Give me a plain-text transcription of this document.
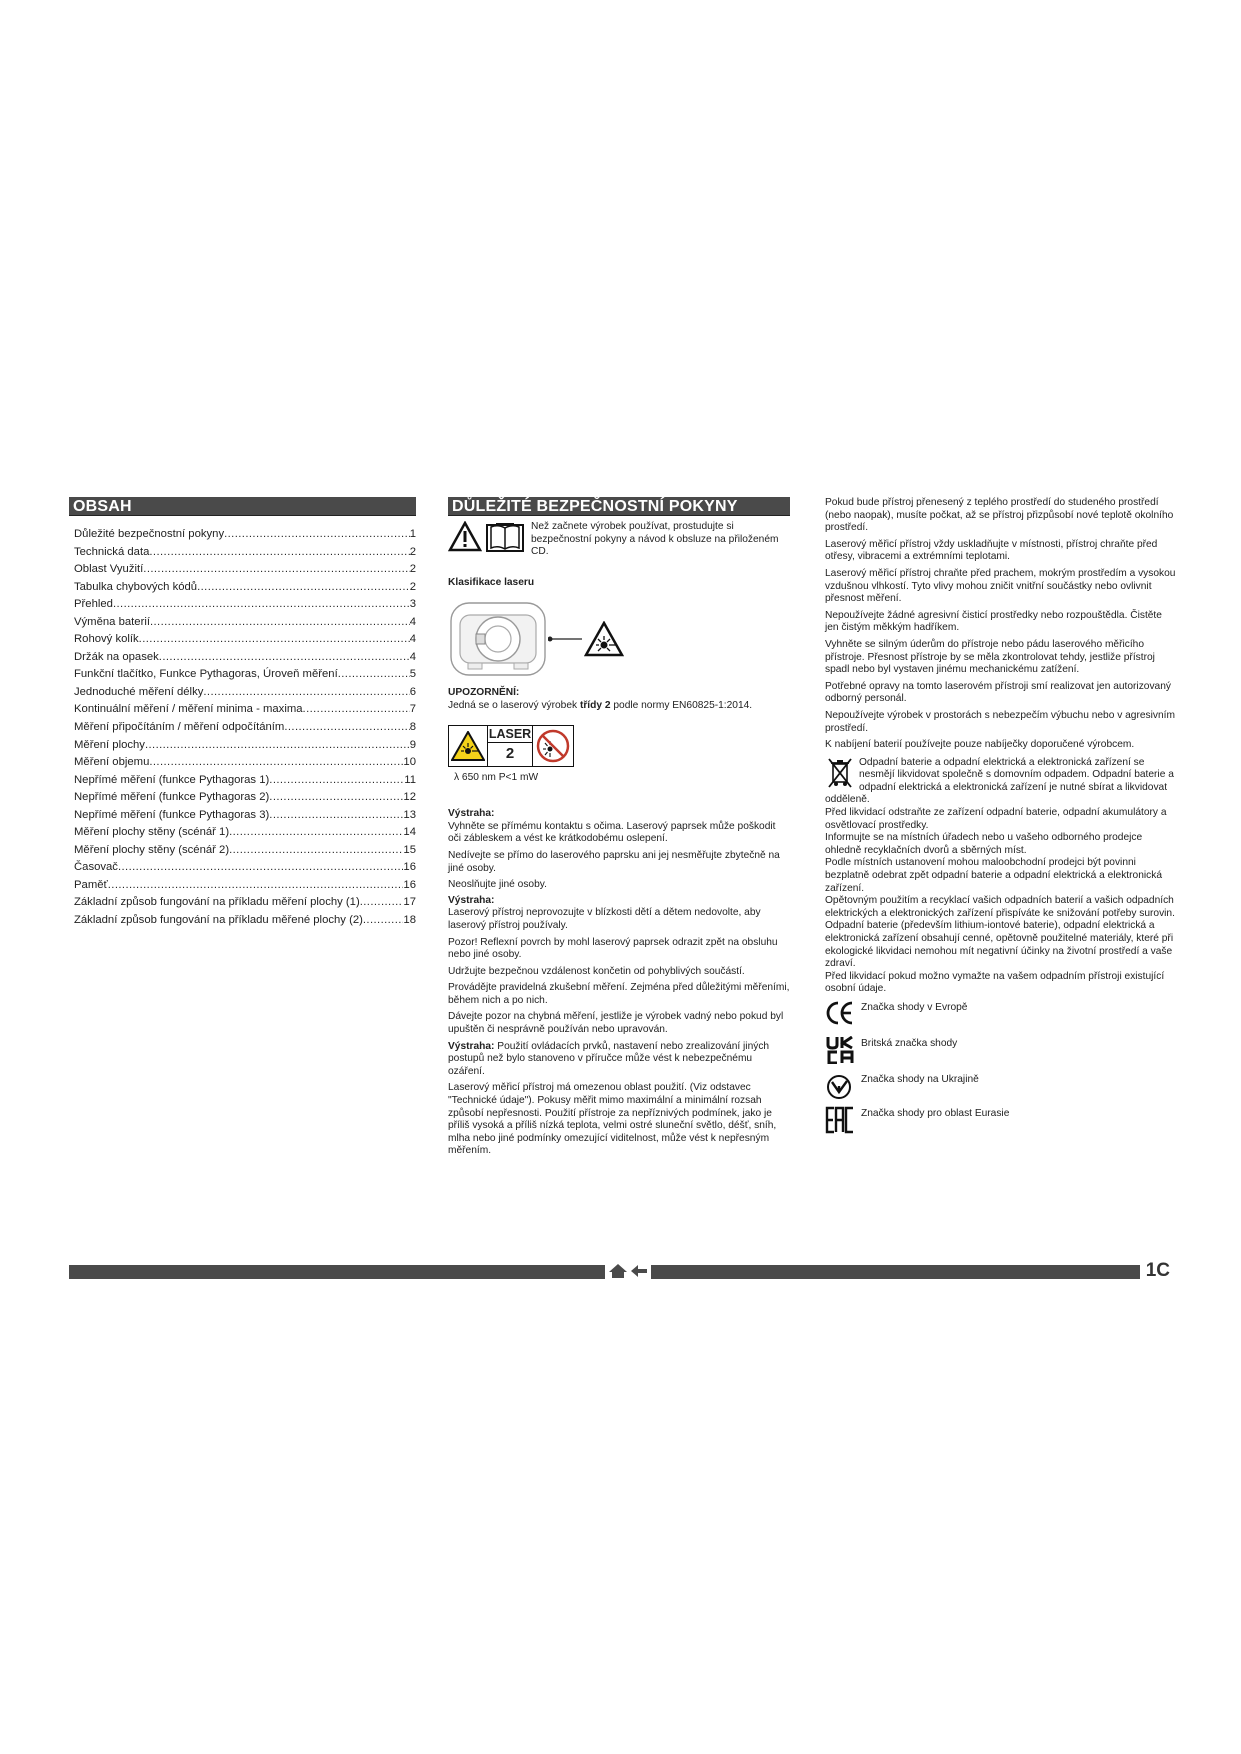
OBSAH
Důležité bezpečnostní pokyny .....	1
Technická data .....	2
Oblast Využití .....	2
Tabulka chybových kódů .....	2
Přehled .....	3
Výměna baterií .....	4
Rohový kolík .....	4
Držák na opasek .....	4
Funkční tlačítko, Funkce Pythagoras, Úroveň měření .....	5
Jednoduché měření délky .....	6
Kontinuální měření / měření minima - maxima .....	7
Měření připočítáním / měření odpočítáním .....	8
Měření plochy .....	9
Měření objemu .....	10
Nepřímé měření (funkce Pythagoras 1) .....	11
Nepřímé měření (funkce Pythagoras 2) .....	12
Nepřímé měření (funkce Pythagoras 3) .....	13
Měření plochy stěny (scénář 1) .....	14
Měření plochy stěny (scénář 2) .....	15
Časovač .....	16
Paměť .....	16
Základní způsob fungování na příkladu měření plochy (1) .....	17
Základní způsob fungování na příkladu měřené plochy (2) .....	18
DŮLEŽITÉ BEZPEČNOSTNÍ POKYNY

Než začnete výrobek používat, prostudujte si bezpečnostní pokyny a návod k obsluze na přiloženém CD.

Klasifikace laseru

UPOZORNĚNÍ:

Jedná se o laserový výrobek třídy 2 podle normy EN60825-1:2014.

LASER
2

λ 650 nm P<1 mW

Výstraha:

Vyhněte se přímému kontaktu s očima. Laserový paprsek může poškodit oči zábleskem a vést ke krátkodobému oslepení.

Nedívejte se přímo do laserového paprsku ani jej nesměřujte zbytečně na jiné osoby.

Neoslňujte jiné osoby.

Výstraha:

Laserový přístroj neprovozujte v blízkosti dětí a dětem nedovolte, aby laserový přístroj používaly.

Pozor! Reflexní povrch by mohl laserový paprsek odrazit zpět na obsluhu nebo jiné osoby.

Udržujte bezpečnou vzdálenost končetin od pohyblivých součástí.

Provádějte pravidelná zkušební měření. Zejména před důležitými měřeními, během nich a po nich.

Dávejte pozor na chybná měření, jestliže je výrobek vadný nebo pokud byl upuštěn či nesprávně používán nebo upravován.

Výstraha: Použití ovládacích prvků, nastavení nebo zrealizování jiných postupů než bylo stanoveno v příručce může vést k nebezpečnému ozáření.

Laserový měřicí přístroj má omezenou oblast použití. (Viz odstavec "Technické údaje"). Pokusy měřit mimo maximální a minimální rozsah způsobí nepřesnosti. Použití přístroje za nepříznivých podmínek, jako je příliš vysoká a příliš nízká teplota, velmi ostré sluneční světlo, déšť, sníh, mlha nebo jiné podmínky omezující viditelnost, může vést k nepřesným měřením.

Pokud bude přístroj přenesený z teplého prostředí do studeného prostředí (nebo naopak), musíte počkat, až se přístroj přizpůsobí nové teplotě okolního prostředí.

Laserový měřicí přístroj vždy uskladňujte v místnosti, přístroj chraňte před otřesy, vibracemi a extrémními teplotami.

Laserový měřicí přístroj chraňte před prachem, mokrým prostředím a vysokou vzdušnou vlhkostí. Tyto vlivy mohou zničit vnitřní součástky nebo ovlivnit přesnost měření.

Nepoužívejte žádné agresivní čisticí prostředky nebo rozpouštědla. Čistěte jen čistým měkkým hadříkem.

Vyhněte se silným úderům do přístroje nebo pádu laserového měřicího přístroje. Přesnost přístroje by se měla zkontrolovat tehdy, jestliže přístroj spadl nebo byl vystaven jinému mechanickému zatížení.

Potřebné opravy na tomto laserovém přístroji smí realizovat jen autorizovaný odborný personál.

Nepoužívejte výrobek v prostorách s nebezpečím výbuchu nebo v agresivním prostředí.

K nabíjení baterií používejte pouze nabíječky doporučené výrobcem.

Odpadní baterie a odpadní elektrická a elektronická zařízení se nesmějí likvidovat společně s domovním odpadem. Odpadní baterie a odpadní elektrická a elektronická zařízení je nutné sbírat a likvidovat odděleně.

Před likvidací odstraňte ze zařízení odpadní baterie, odpadní akumulátory a osvětlovací prostředky.

Informujte se na místních úřadech nebo u vašeho odborného prodejce ohledně recyklačních dvorů a sběrných míst.

Podle místních ustanovení mohou maloobchodní prodejci být povinni bezplatně odebrat zpět odpadní baterie a odpadní elektrická a elektronická zařízení.

Opětovným použitím a recyklací vašich odpadních baterií a vašich odpadních elektrických a elektronických zařízení přispíváte ke snižování potřeby surovin.

Odpadní baterie (především lithium-iontové baterie), odpadní elektrická a elektronická zařízení obsahují cenné, opětovně použitelné materiály, které při ekologické likvidaci nemohou mít negativní účinky na životní prostředí a vaše zdraví.

Před likvidací pokud možno vymažte na vašem odpadním přístroji existující osobní údaje.

Značka shody v Evropě
Britská značka shody
Značka shody na Ukrajině
Značka shody pro oblast Eurasie
1C
